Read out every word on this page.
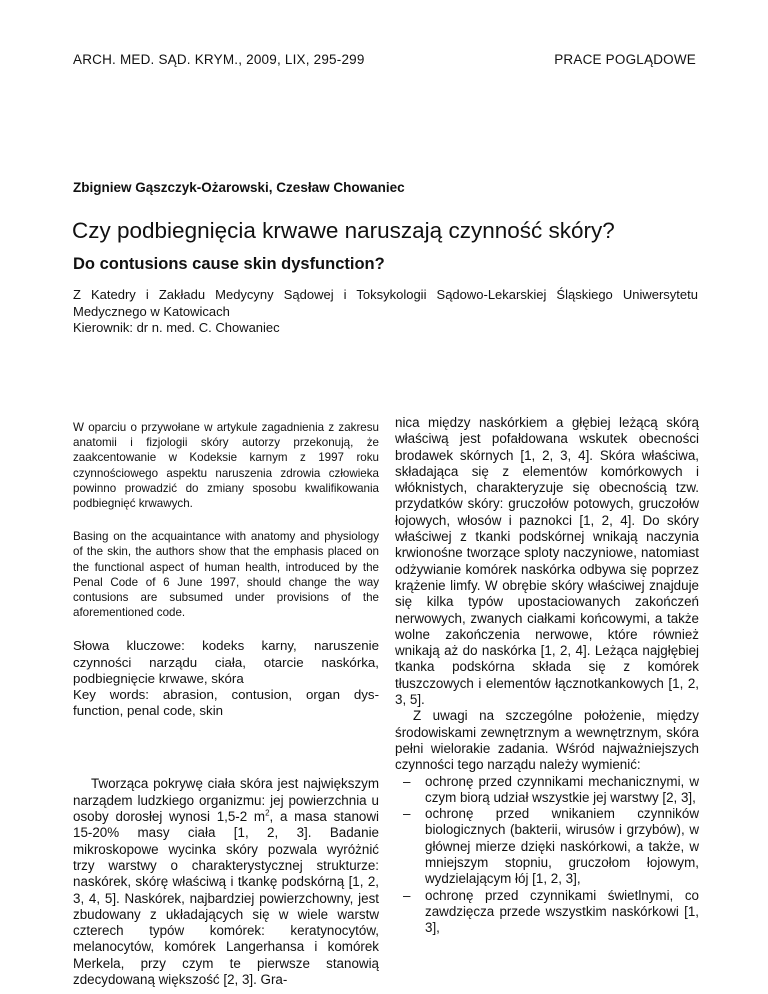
ARCH. MED. SĄD. KRYM., 2009, LIX, 295-299	PRACE POGLĄDOWE
Zbigniew Gąszczyk-Ożarowski, Czesław Chowaniec
Czy podbiegnięcia krwawe naruszają czynność skóry?
Do contusions cause skin dysfunction?
Z Katedry i Zakładu Medycyny Sądowej i Toksykologii Sądowo-Lekarskiej Śląskiego Uniwersytetu
Medycznego w Katowicach
Kierownik: dr n. med. C. Chowaniec

W oparciu o przywołane w artykule zagadnienia z zakresu anatomii i fizjologii skóry autorzy przekonują, że zaakcentowanie w Kodeksie karnym z 1997 roku czynnościowego aspektu naruszenia zdrowia człowieka powinno prowadzić do zmiany sposobu kwalifikowania podbiegnięć krwawych.

Basing on the acquaintance with anatomy and physiology of the skin, the authors show that the emphasis placed on the functional aspect of human health, introduced by the Penal Code of 6 June 1997, should change the way contusions are subsumed under provisions of the aforementioned code.

Słowa kluczowe: kodeks karny, naruszenie
czynności narządu ciała, otarcie naskórka,
podbiegnięcie krwawe, skóra
Key words: abrasion, contusion, organ dys-
function, penal code, skin

Tworząca pokrywę ciała skóra jest największym narządem ludzkiego organizmu: jej powierzchnia u osoby dorosłej wynosi 1,5-2 $m^2$, a masa stanowi 15-20% masy ciała [1, 2, 3]. Badanie mikroskopowe wycinka skóry pozwala wyróżnić trzy warstwy o charakterystycznej strukturze: naskórek, skórę właściwą i tkankę podskórną [1, 2, 3, 4, 5]. Naskórek, najbardziej powierzchowny, jest zbudowany z układających się w wiele warstw czterech typów komórek: keratynocytów, melanocytów, komórek Langerhansa i komórek Merkela, przy czym te pierwsze stanowią zdecydowaną większość [2, 3]. Gra-

nica między naskórkiem a głębiej leżącą skórą właściwą jest pofałdowana wskutek obecności brodawek skórnych [1, 2, 3, 4]. Skóra właściwa, składająca się z elementów komórkowych i włóknistych, charakteryzuje się obecnością tzw. przydatków skóry: gruczołów potowych, gruczołów łojowych, włosów i paznokci [1, 2, 4]. Do skóry właściwej z tkanki podskórnej wnikają naczynia krwionośne tworzące sploty naczyniowe, natomiast odżywianie komórek naskórka odbywa się poprzez krążenie limfy. W obrębie skóry właściwej znajduje się kilka typów upostaciowanych zakończeń nerwowych, zwanych ciałkami końcowymi, a także wolne zakończenia nerwowe, które również wnikają aż do naskórka [1, 2, 4]. Leżąca najgłębiej tkanka podskórna składa się z komórek tłuszczowych i elementów łącznotkankowych [1, 2, 3, 5].

Z uwagi na szczególne położenie, między środowiskami zewnętrznym a wewnętrznym, skóra pełni wielorakie zadania. Wśród najważniejszych czynności tego narządu należy wymienić:

– ochronę przed czynnikami mechanicznymi, w czym biorą udział wszystkie jej warstwy [2, 3],
– ochronę przed wnikaniem czynników biologicznych (bakterii, wirusów i grzybów), w głównej mierze dzięki naskórkowi, a także, w mniejszym stopniu, gruczołom łojowym, wydzielającym łój [1, 2, 3],
– ochronę przed czynnikami świetlnymi, co zawdzięcza przede wszystkim naskórkowi [1, 3],
